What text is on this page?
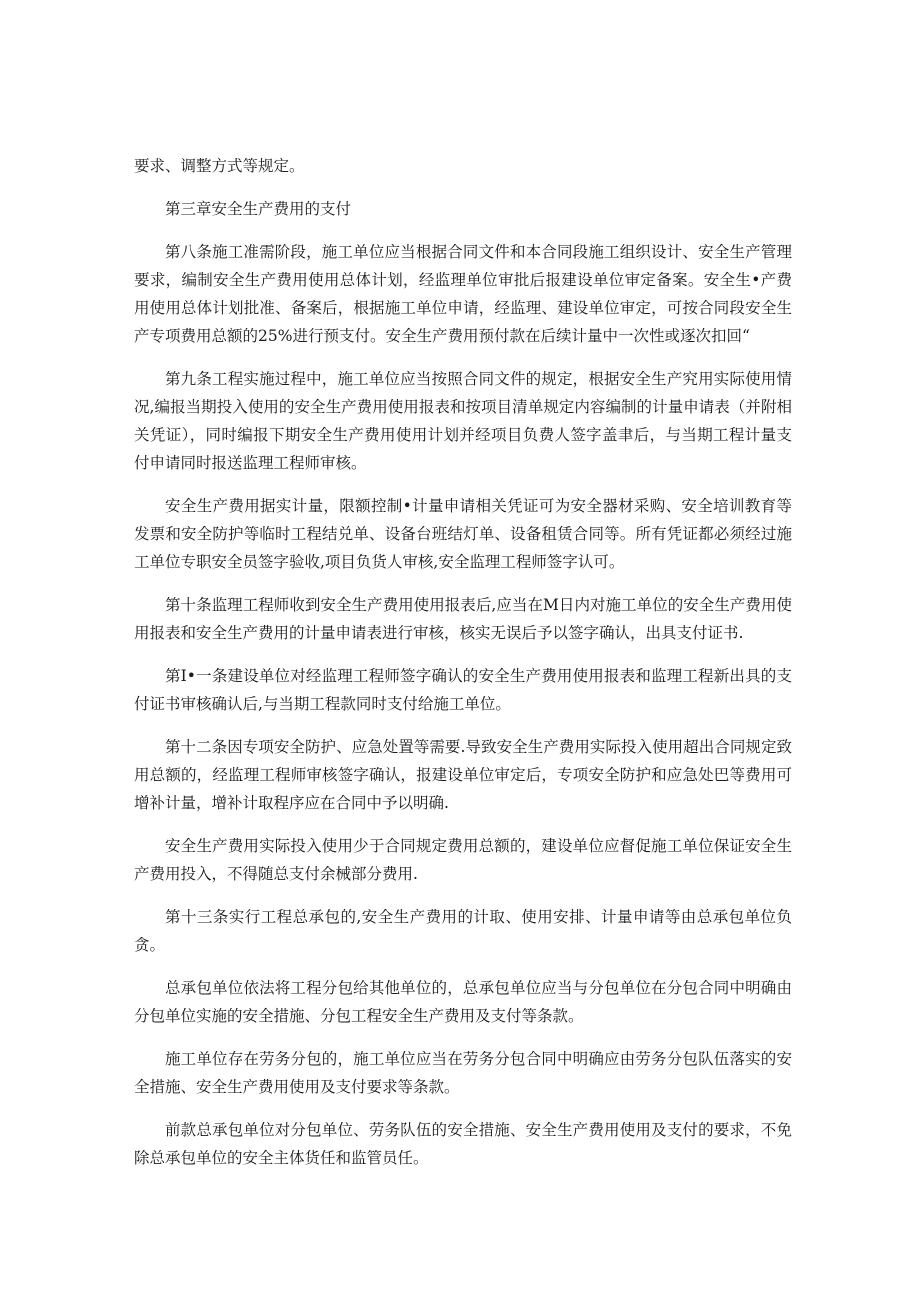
要求、调整方式等规定。

第三章安全生产费用的支付

第八条施工准需阶段，施工单位应当根据合同文件和本合同段施工组织设计、安全生产管理要求，编制安全生产费用使用总体计划，经监理单位审批后报建设单位审定备案。安全生•产费用使用总体计划批准、备案后，根据施工单位申请，经监理、建设单位审定，可按合同段安全生产专项费用总额的25%进行预支付。安全生产费用预付款在后续计量中一次性或逐次扣回“

第九条工程实施过程中，施工单位应当按照合同文件的规定，根据安全生产究用实际使用情况,编报当期投入使用的安全生产费用使用报表和按项目清单规定内容编制的计量申请表（并附相关凭证），同时编报下期安全生产费用使用计划并经项目负费人签字盖聿后，与当期工程计量支付申请同时报送监理工程师审核。

安全生产费用据实计量，限额控制•计量申请相关凭证可为安全器材采购、安全培训教育等发票和安全防护等临时工程结兑单、设备台班结灯单、设备租赁合同等。所有凭证都必须经过施工单位专职安全员签字验收,项目负货人审核,安全监理工程师签字认可。

第十条监理工程师收到安全生产费用使用报表后,应当在M日内对施工单位的安全生产费用使用报表和安全生产费用的计量申请表进行审核，核实无误后予以签字确认，出具支付证书.

第I•一条建设单位对经监理工程师签字确认的安全生产费用使用报表和监理工程新出具的支付证书审核确认后,与当期工程款同时支付给施工单位。

第十二条因专项安全防护、应急处置等需要.导致安全生产费用实际投入使用超出合同规定致用总额的，经监理工程师审核签字确认，报建设单位审定后，专项安全防护和应急处巴等费用可增补计量，增补计取程序应在合同中予以明确.

安全生产费用实际投入使用少于合同规定费用总额的，建设单位应督促施工单位保证安全生产费用投入，不得随总支付余械部分费用.

第十三条实行工程总承包的,安全生产费用的计取、使用安排、计量申请等由总承包单位负贪。

总承包单位依法将工程分包给其他单位的，总承包单位应当与分包单位在分包合同中明确由分包单位实施的安全措施、分包工程安全生产费用及支付等条款。

施工单位存在劳务分包的，施工单位应当在劳务分包合同中明确应由劳务分包队伍落实的安全措施、安全生产费用使用及支付要求等条款。

前款总承包单位对分包单位、劳务队伍的安全措施、安全生产费用使用及支付的要求，不免除总承包单位的安全主体货任和监管员任。
